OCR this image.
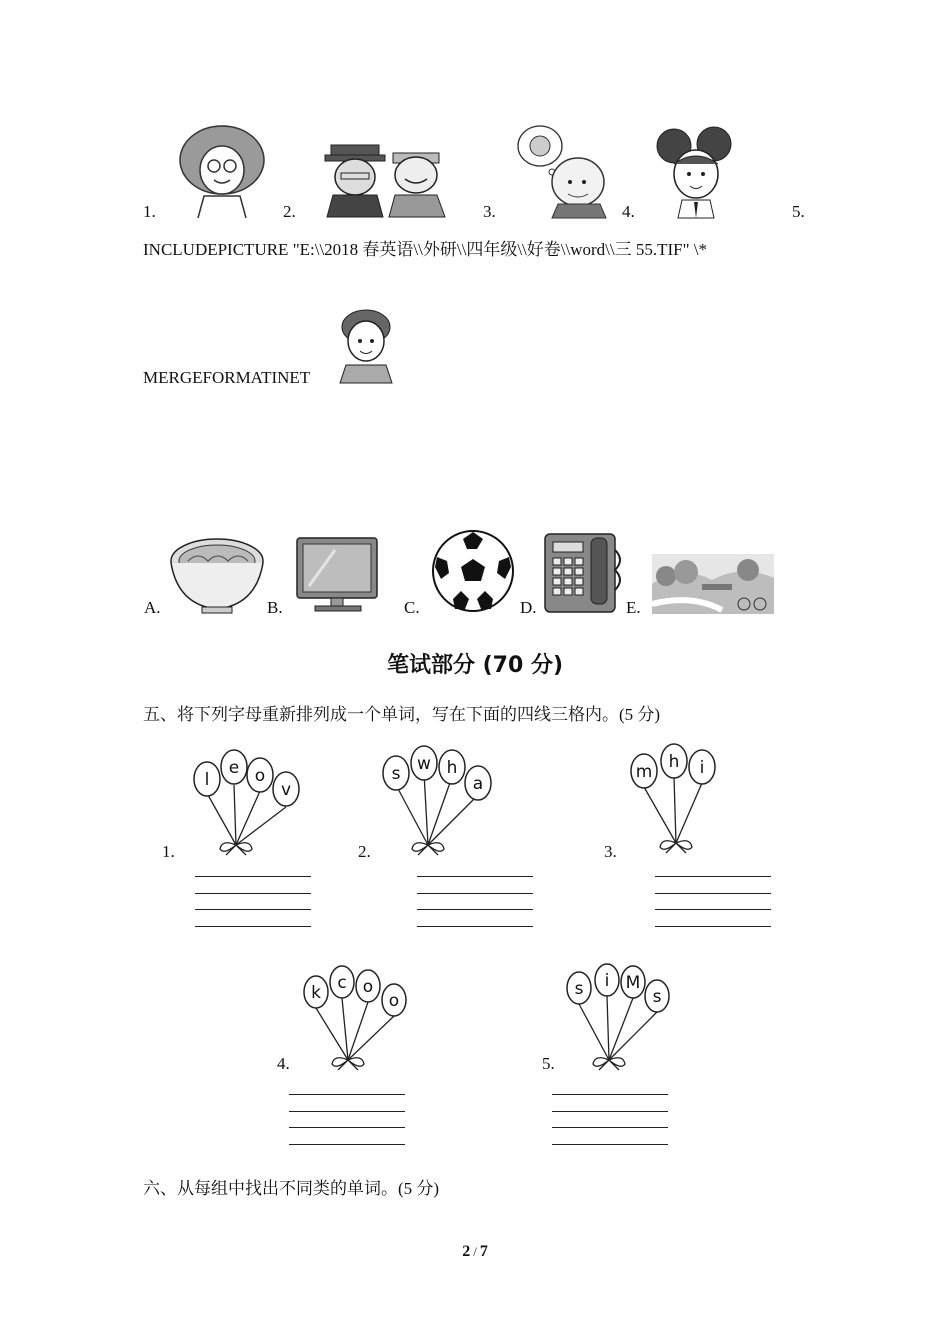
1.	2.	3.	4.	5.
INCLUDEPICTURE "E:\\2018 春英语\\外研\\四年级\\好卷\\word\\三 55.TIF" \*
MERGEFORMATINET
A.	B.	C.	D.	E.
笔试部分 (70 分)
五、将下列字母重新排列成一个单词，写在下面的四线三格内。(5 分)
1.
l
e o
v
2.
s w h
a
3.
m h i
4.
k c o
o
5.
s i M
s
六、从每组中找出不同类的单词。(5 分)
2 / 7
